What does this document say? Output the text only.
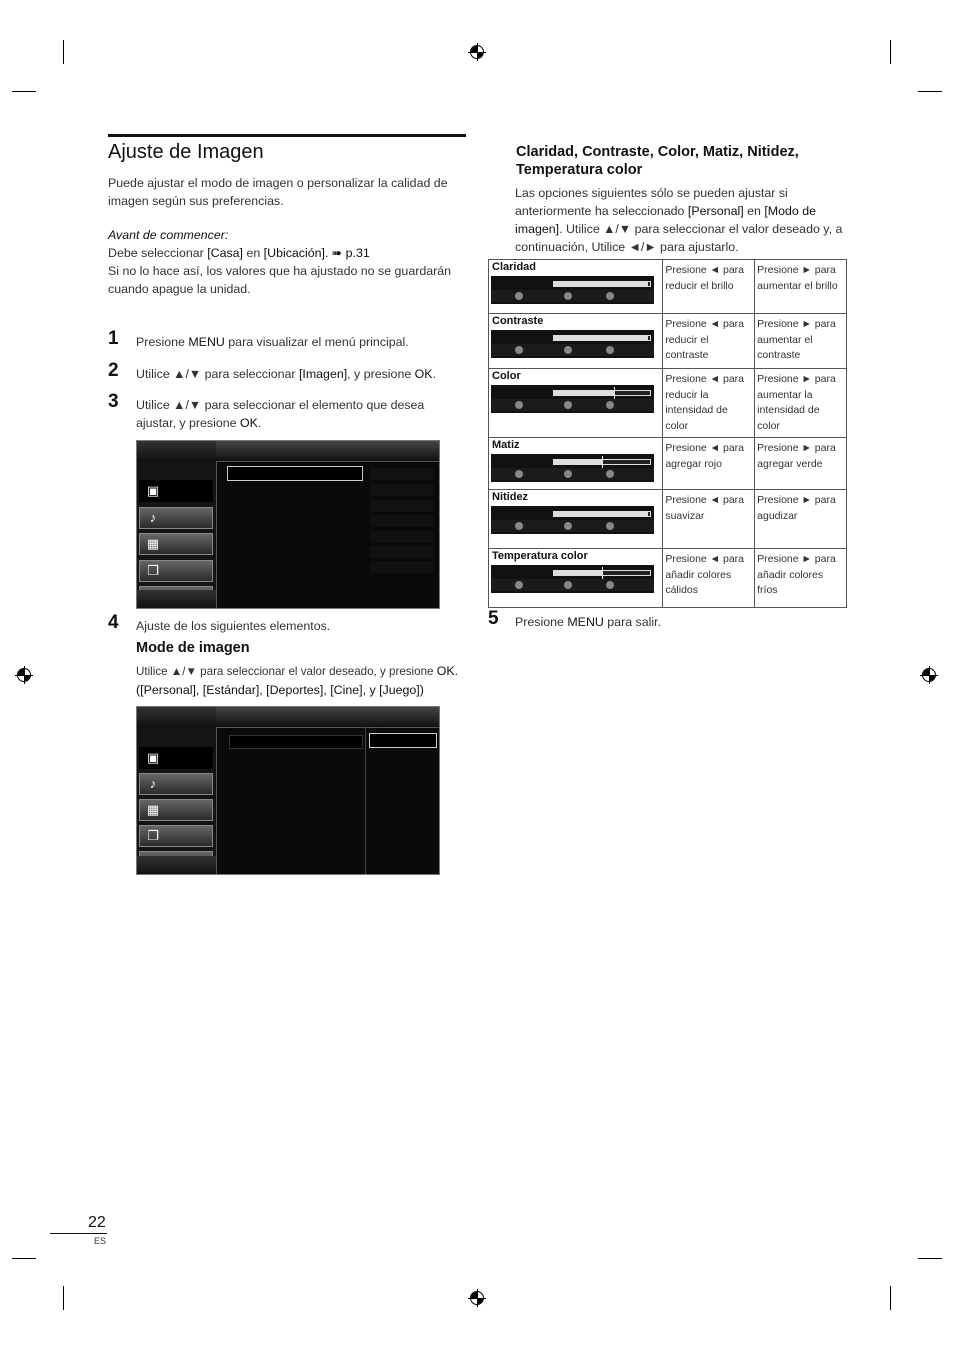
Ajuste de Imagen
Puede ajustar el modo de imagen o personalizar la calidad de imagen según sus preferencias.
Avant de commencer:
Debe seleccionar [Casa] en [Ubicación]. ➠ p.31
Si no lo hace así, los valores que ha ajustado no se guardarán cuando apague la unidad.
1 Presione MENU para visualizar el menú principal.
2 Utilice ▲/▼ para seleccionar [Imagen], y presione OK.
3 Utilice ▲/▼ para seleccionar el elemento que desea ajustar, y presione OK.
▣
♪
▦
❐
4 Ajuste de los siguientes elementos.
Mode de imagen
Utilice ▲/▼ para seleccionar el valor deseado, y presione OK.
([Personal], [Estándar], [Deportes], [Cine], y [Juego])
▣
♪
▦
❐
Claridad, Contraste, Color, Matiz, Nitidez, Temperatura color
Las opciones siguientes sólo se pueden ajustar si anteriormente ha seleccionado [Personal] en [Modo de imagen]. Utilice ▲/▼ para seleccionar el valor deseado y, a continuación, Utilice ◄/► para ajustarlo.
Claridad	Presione ◄ para reducir el brillo	Presione ► para aumentar el brillo

Contraste	Presione ◄ para reducir el contraste	Presione ► para aumentar el contraste

Color	Presione ◄ para reducir la intensidad de color	Presione ► para aumentar la intensidad de color

Matiz	Presione ◄ para agregar rojo	Presione ► para agregar verde

Nitidez	Presione ◄ para suavizar	Presione ► para agudizar

Temperatura color	Presione ◄ para añadir colores cálidos	Presione ► para añadir colores fríos
5 Presione MENU para salir.
22
ES
